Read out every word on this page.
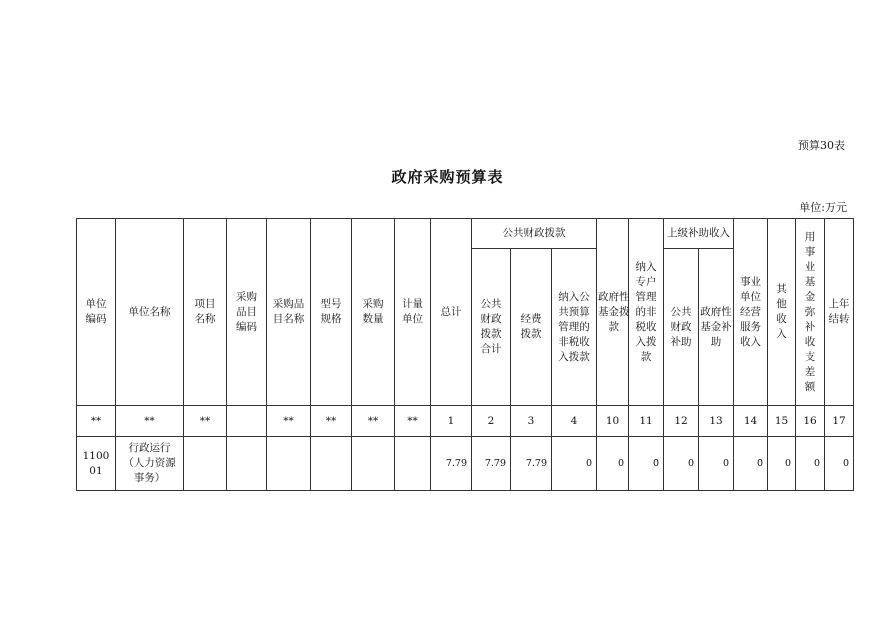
预算30表
政府采购预算表
单位:万元
单位编码	单位名称	项目名称	采购品目编码	采购品目名称	型号规格	采购数量	计量单位	总计	公共财政拨款			政府性基金拨款	纳入专户管理的非税收入拨款	上级补助收入		事业单位经营服务收入	其他收入	用事业基金弥补收支差额	上年结转
									公共财政拨款合计	经费拨款	纳入公共预算管理的非税收入拨款			公共财政补助	政府性基金补助				

**	**	**		**	**	**	**	1	2	3	4	10	11	12	13	14	15	16	17
110001	行政运行（人力资源事务）							7.79	7.79	7.79	0	0	0	0	0	0	0	0	0
